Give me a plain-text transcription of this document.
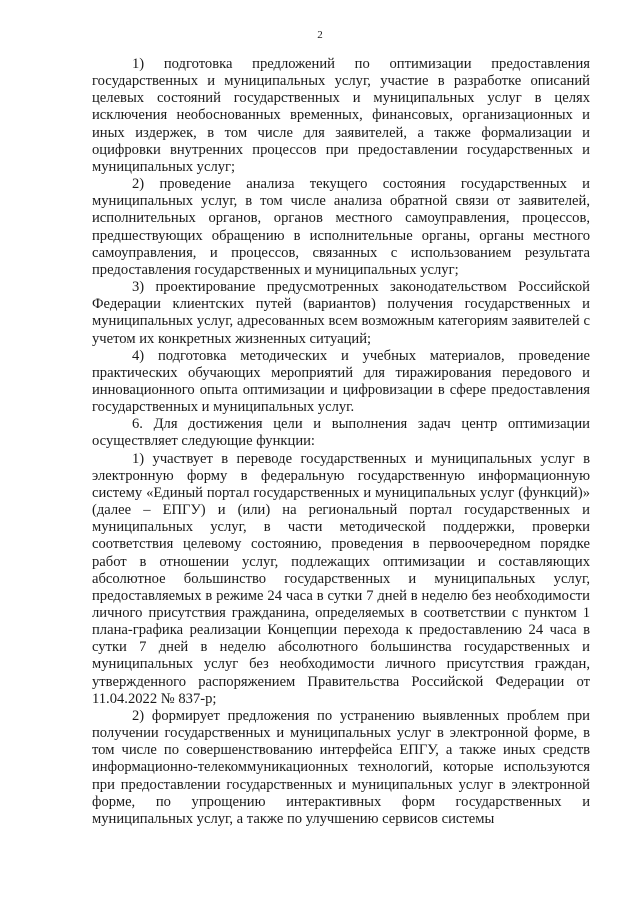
2

1) подготовка предложений по оптимизации предоставления государственных и муниципальных услуг, участие в разработке описаний целевых состояний государственных и муниципальных услуг в целях исключения необоснованных временных, финансовых, организационных и иных издержек, в том числе для заявителей, а также формализации и оцифровки внутренних процессов при предоставлении государственных и муниципальных услуг;

2) проведение анализа текущего состояния государственных и муниципальных услуг, в том числе анализа обратной связи от заявителей, исполнительных органов, органов местного самоуправления, процессов, предшествующих обращению в исполнительные органы, органы местного самоуправления, и процессов, связанных с использованием результата предоставления государственных и муниципальных услуг;

3) проектирование предусмотренных законодательством Российской Федерации клиентских путей (вариантов) получения государственных и муниципальных услуг, адресованных всем возможным категориям заявителей с учетом их конкретных жизненных ситуаций;

4) подготовка методических и учебных материалов, проведение практических обучающих мероприятий для тиражирования передового и инновационного опыта оптимизации и цифровизации в сфере предоставления государственных и муниципальных услуг.

6. Для достижения цели и выполнения задач центр оптимизации осуществляет следующие функции:

1) участвует в переводе государственных и муниципальных услуг в электронную форму в федеральную государственную информационную систему «Единый портал государственных и муниципальных услуг (функций)» (далее – ЕПГУ) и (или) на региональный портал государственных и муниципальных услуг, в части методической поддержки, проверки соответствия целевому состоянию, проведения в первоочередном порядке работ в отношении услуг, подлежащих оптимизации и составляющих абсолютное большинство государственных и муниципальных услуг, предоставляемых в режиме 24 часа в сутки 7 дней в неделю без необходимости личного присутствия гражданина, определяемых в соответствии с пунктом 1 плана-графика реализации Концепции перехода к предоставлению 24 часа в сутки 7 дней в неделю абсолютного большинства государственных и муниципальных услуг без необходимости личного присутствия граждан, утвержденного распоряжением Правительства Российской Федерации от 11.04.2022 № 837-р;

2) формирует предложения по устранению выявленных проблем при получении государственных и муниципальных услуг в электронной форме, в том числе по совершенствованию интерфейса ЕПГУ, а также иных средств информационно-телекоммуникационных технологий, которые используются при предоставлении государственных и муниципальных услуг в электронной форме, по упрощению интерактивных форм государственных и муниципальных услуг, а также по улучшению сервисов системы
